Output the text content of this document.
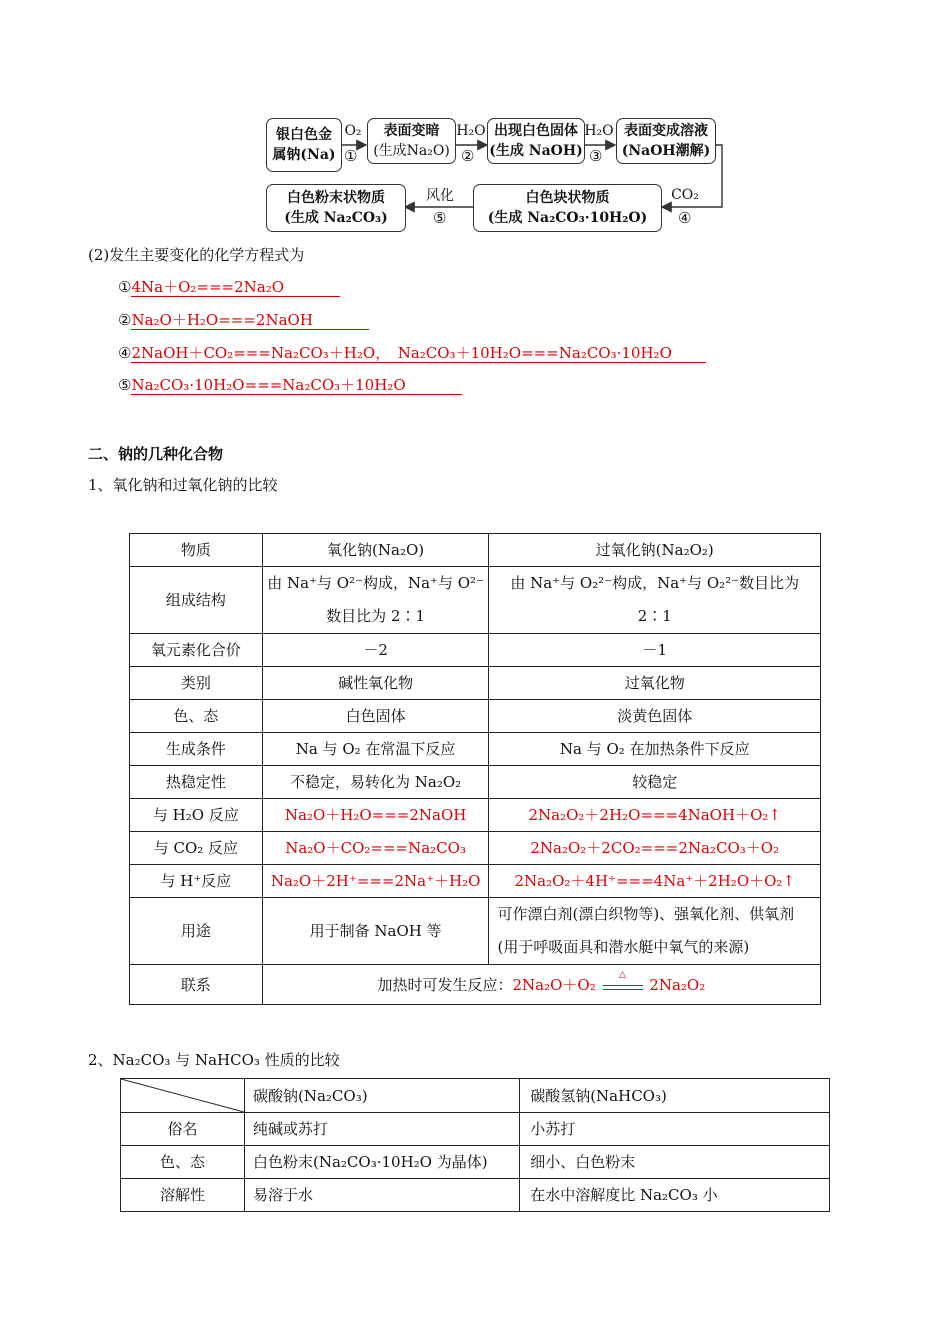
银白色金
属钠(Na)
表面变暗
(生成Na₂O)
出现白色固体
(生成 NaOH)
表面变成溶液
(NaOH潮解)
白色块状物质
(生成 Na₂CO₃·10H₂O)
白色粉末状物质
(生成 Na₂CO₃)
O₂
①
H₂O
②
H₂O
③
CO₂
④
风化
⑤
(2)发生主要变化的化学方程式为
①4Na＋O₂===2Na₂O
②Na₂O＋H₂O===2NaOH
④2NaOH＋CO₂===Na₂CO₃＋H₂O，　Na₂CO₃＋10H₂O===Na₂CO₃·10H₂O
⑤Na₂CO₃·10H₂O===Na₂CO₃＋10H₂O
二、钠的几种化合物
1、氧化钠和过氧化钠的比较
物质	氧化钠(Na₂O)	过氧化钠(Na₂O₂)
组成结构	由 Na⁺与 O²⁻构成，Na⁺与 O²⁻数目比为 2∶1	由 Na⁺与 O₂²⁻构成，Na⁺与 O₂²⁻数目比为 2∶1
氧元素化合价	－2	－1
类别	碱性氧化物	过氧化物
色、态	白色固体	淡黄色固体
生成条件	Na 与 O₂ 在常温下反应	Na 与 O₂ 在加热条件下反应
热稳定性	不稳定，易转化为 Na₂O₂	较稳定
与 H₂O 反应	Na₂O＋H₂O===2NaOH	2Na₂O₂＋2H₂O===4NaOH＋O₂↑
与 CO₂ 反应	Na₂O＋CO₂===Na₂CO₃	2Na₂O₂＋2CO₂===2Na₂CO₃＋O₂
与 H⁺反应	Na₂O＋2H⁺===2Na⁺＋H₂O	2Na₂O₂＋4H⁺===4Na⁺＋2H₂O＋O₂↑
用途	用于制备 NaOH 等	可作漂白剂(漂白织物等)、强氧化剂、供氧剂(用于呼吸面具和潜水艇中氧气的来源)
联系	加热时可发生反应：2Na₂O＋O₂
△
2Na₂O₂	
2、Na₂CO₃ 与 NaHCO₃ 性质的比较
	碳酸钠(Na₂CO₃)	碳酸氢钠(NaHCO₃)
俗名	纯碱或苏打	小苏打
色、态	白色粉末(Na₂CO₃·10H₂O 为晶体)	细小、白色粉末
溶解性	易溶于水	在水中溶解度比 Na₂CO₃ 小
